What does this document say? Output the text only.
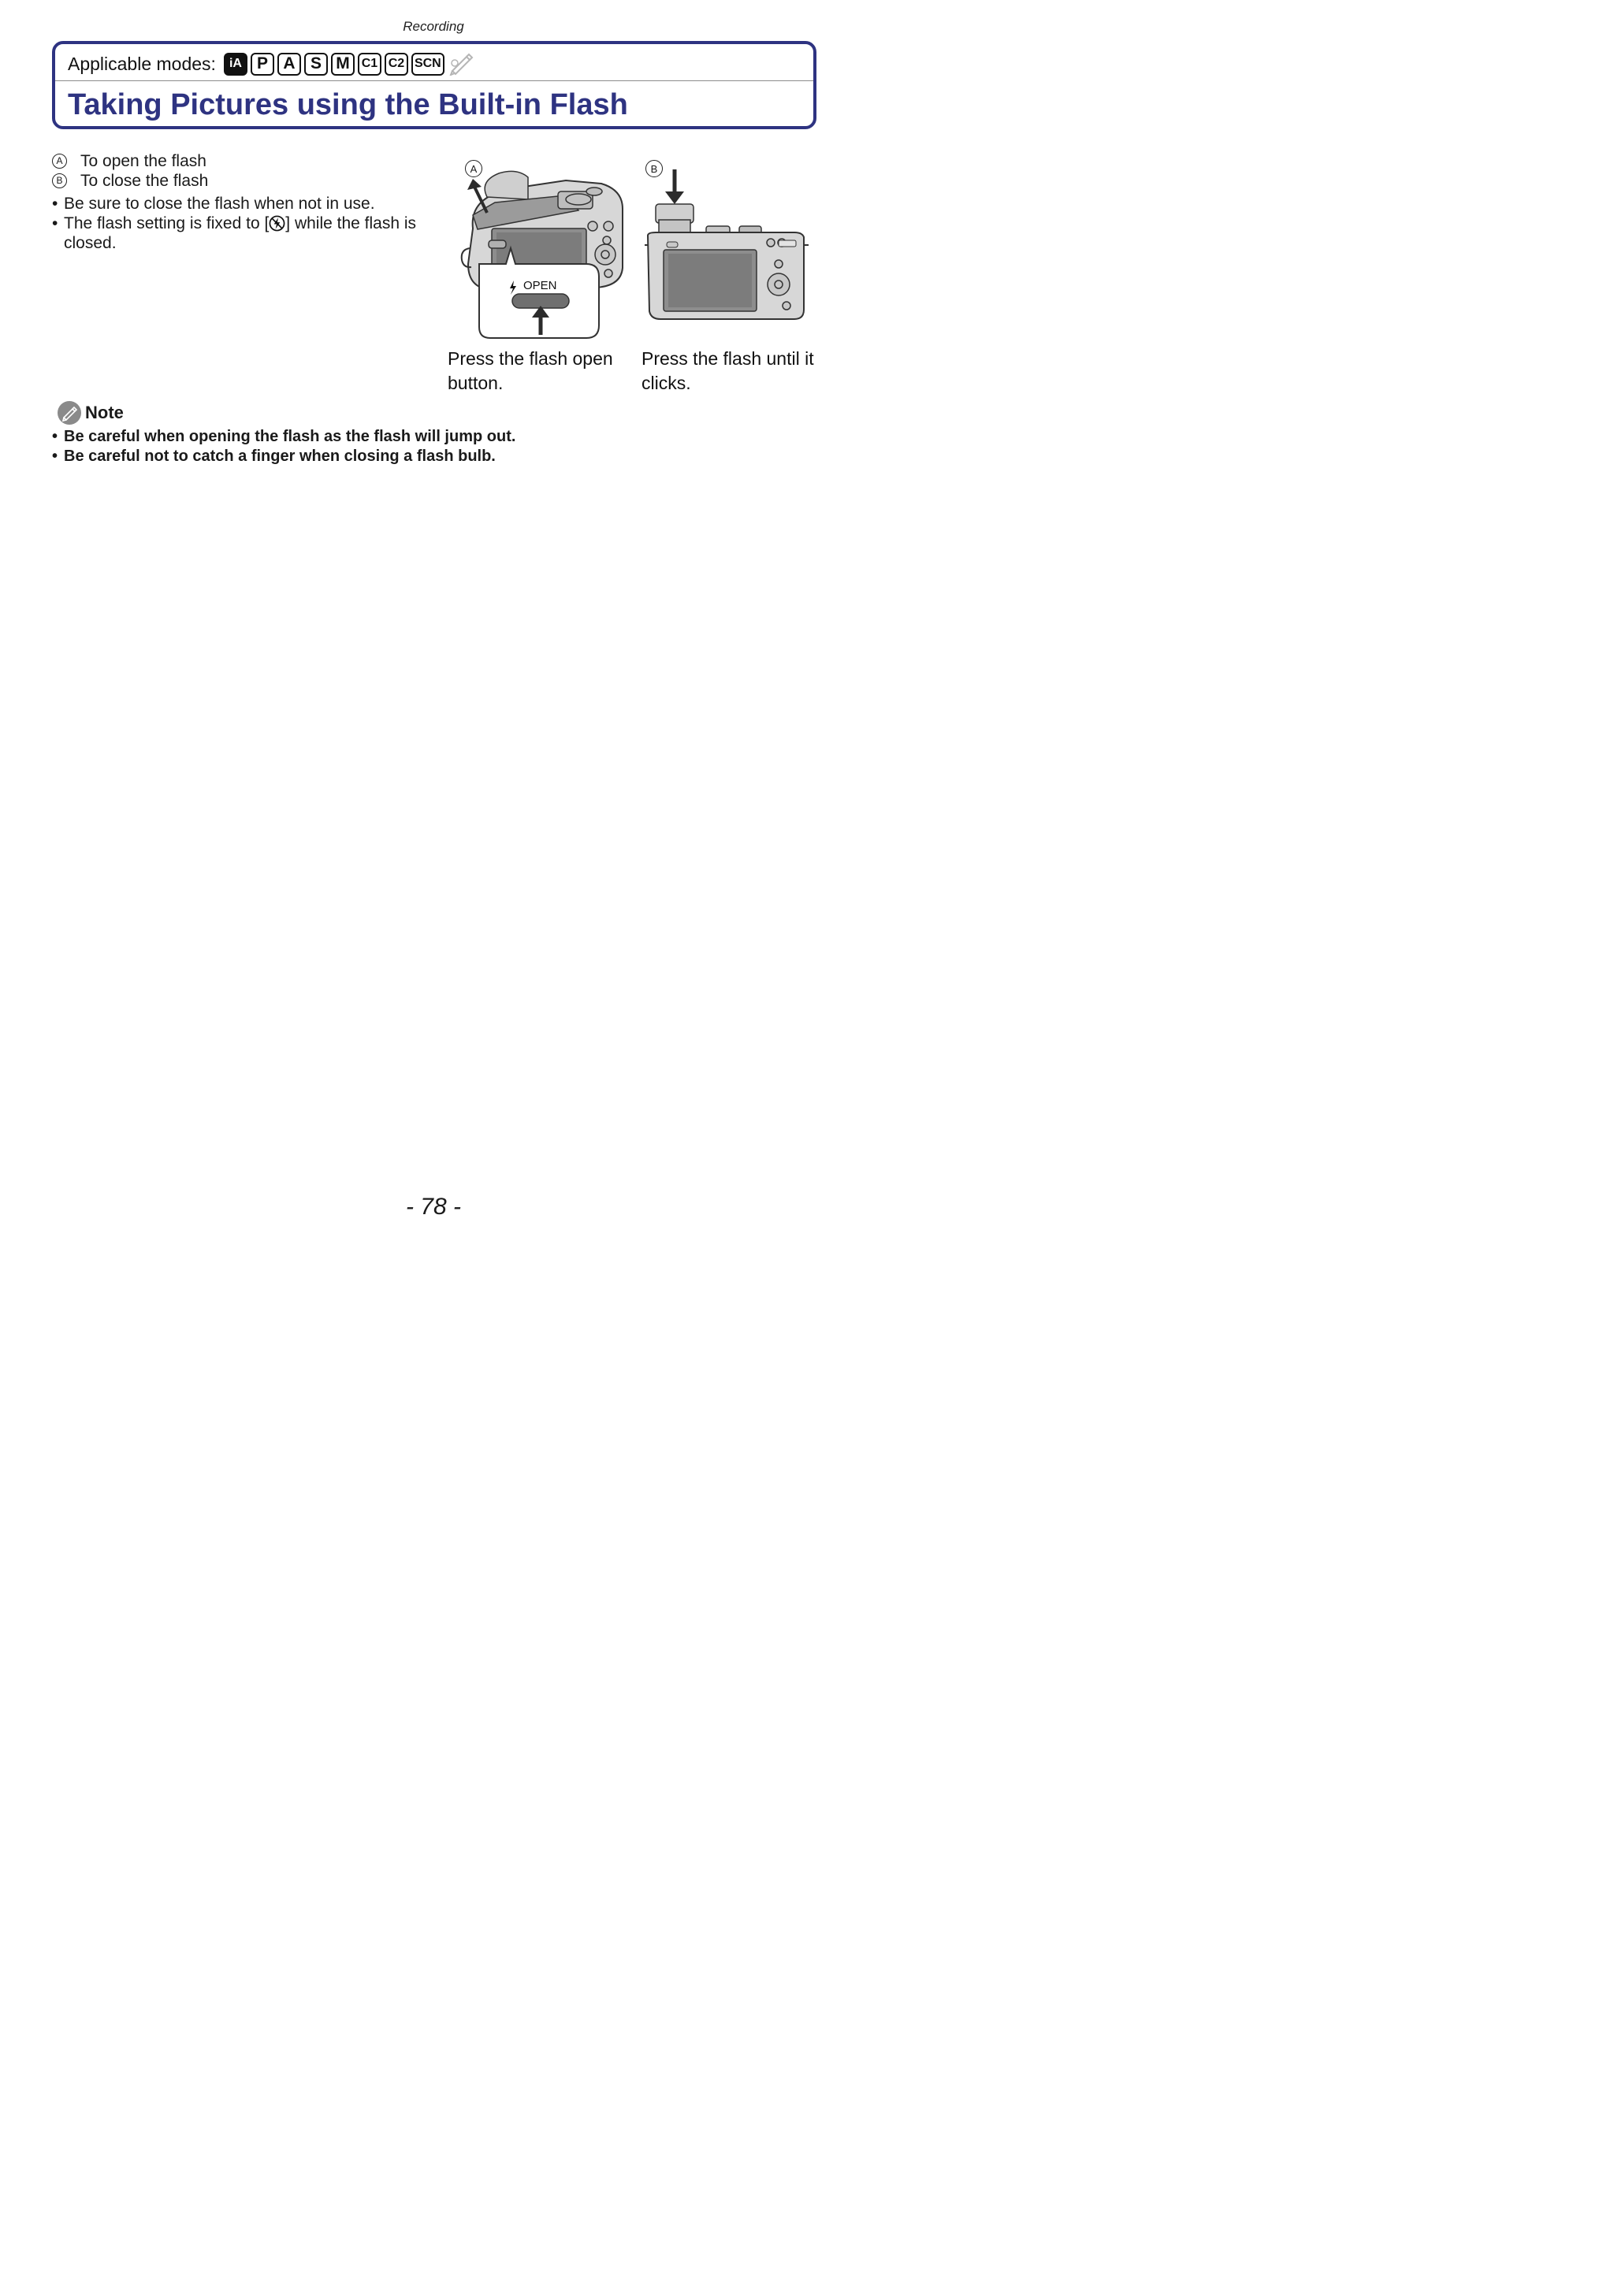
Recording
Applicable modes:	iA P A S M C1 C2 SCN
Taking Pictures using the Built-in Flash
A To open the flash
B To close the flash
• Be sure to close the flash when not in use.
• The flash setting is fixed to [ ] while the flash is closed.
OPEN
A	B
Press the flash open button.
Press the flash until it clicks.
Note
• Be careful when opening the flash as the flash will jump out.
• Be careful not to catch a finger when closing a flash bulb.
- 78 -
